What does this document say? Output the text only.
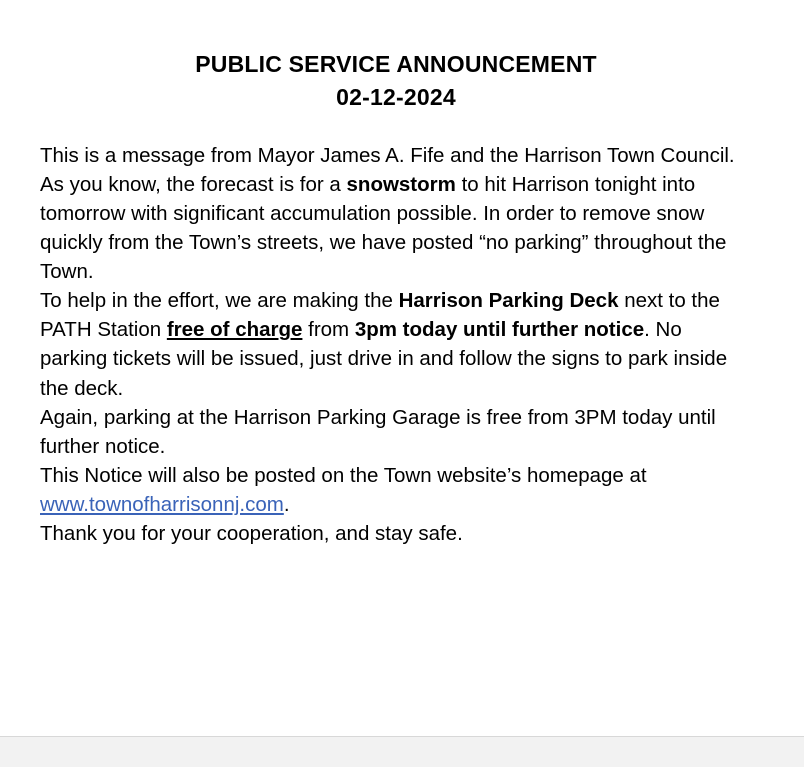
PUBLIC SERVICE ANNOUNCEMENT
02-12-2024

This is a message from Mayor James A. Fife and the Harrison Town Council.

As you know, the forecast is for a snowstorm to hit Harrison tonight into tomorrow with significant accumulation possible. In order to remove snow quickly from the Town’s streets, we have posted “no parking” throughout the Town.

To help in the effort, we are making the Harrison Parking Deck next to the PATH Station free of charge from 3pm today until further notice. No parking tickets will be issued, just drive in and follow the signs to park inside the deck.

Again, parking at the Harrison Parking Garage is free from 3PM today until further notice.

This Notice will also be posted on the Town website’s homepage at www.townofharrisonnj.com.

Thank you for your cooperation, and stay safe.
